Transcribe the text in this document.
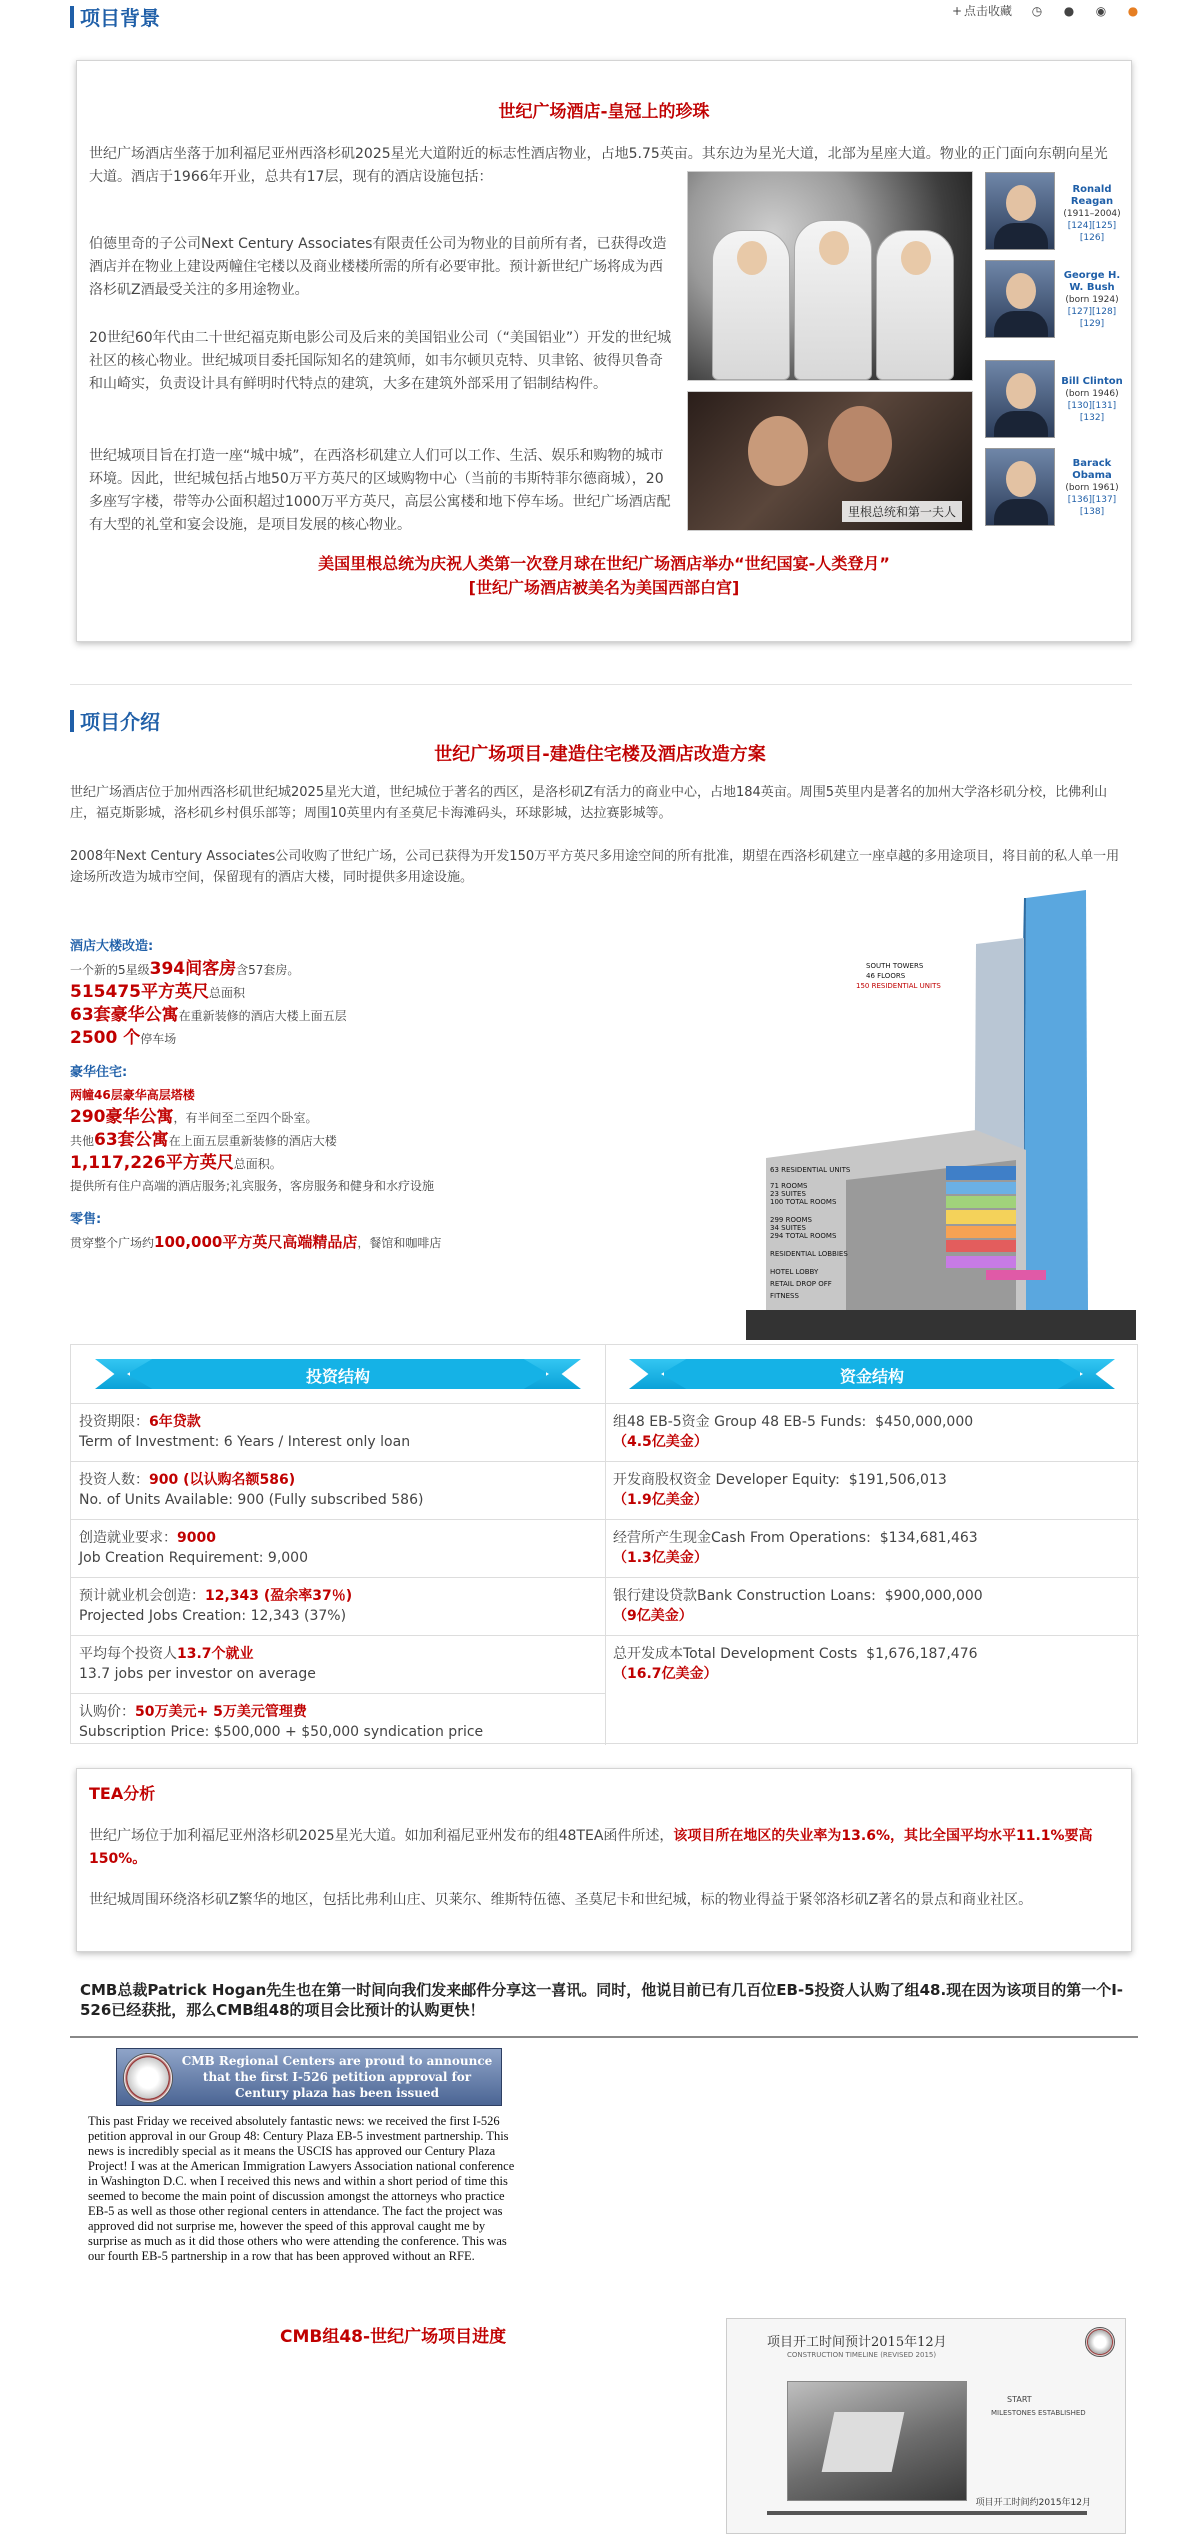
+ 点击收藏 ◷ ● ◉ ●
项目背景
世纪广场酒店-皇冠上的珍珠
世纪广场酒店坐落于加利福尼亚州西洛杉矶2025星光大道附近的标志性酒店物业，占地5.75英亩。其东边为星光大道，北部为星座大道。物业的正门面向东朝向星光大道。酒店于1966年开业，总共有17层，现有的酒店设施包括：
伯德里奇的子公司Next Century Associates有限责任公司为物业的目前所有者，已获得改造酒店并在物业上建设两幢住宅楼以及商业楼楼所需的所有必要审批。预计新世纪广场将成为西洛杉矶Z酒最受关注的多用途物业。
20世纪60年代由二十世纪福克斯电影公司及后来的美国铝业公司（“美国铝业”）开发的世纪城社区的核心物业。世纪城项目委托国际知名的建筑师，如韦尔顿贝克特、贝聿铭、彼得贝鲁奇和山崎实，负责设计具有鲜明时代特点的建筑，大多在建筑外部采用了铝制结构件。
世纪城项目旨在打造一座“城中城”，在西洛杉矶建立人们可以工作、生活、娱乐和购物的城市环境。因此，世纪城包括占地50万平方英尺的区域购物中心（当前的韦斯特菲尔德商城），20多座写字楼，带等办公面积超过1000万平方英尺，高层公寓楼和地下停车场。世纪广场酒店配有大型的礼堂和宴会设施，是项目发展的核心物业。
里根总统和第一夫人
美国里根总统为庆祝人类第一次登月球在世纪广场酒店举办“世纪国宴-人类登月”
[世纪广场酒店被美名为美国西部白宫]
Ronald
Reagan
(1911–2004)
[124][125][126]
George H.
W. Bush
(born 1924)
[127][128][129]
Bill Clinton
(born 1946)
[130][131][132]
Barack
Obama
(born 1961)
[136][137][138]
项目介绍
世纪广场项目-建造住宅楼及酒店改造方案
世纪广场酒店位于加州西洛杉矶世纪城2025星光大道，世纪城位于著名的西区，是洛杉矶Z有活力的商业中心，占地184英亩。周围5英里内是著名的加州大学洛杉矶分校，比佛利山庄，福克斯影城，洛杉矶乡村俱乐部等；周围10英里内有圣莫尼卡海滩码头，环球影城，达拉赛影城等。
2008年Next Century Associates公司收购了世纪广场，公司已获得为开发150万平方英尺多用途空间的所有批准，期望在西洛杉矶建立一座卓越的多用途项目，将目前的私人单一用途场所改造为城市空间，保留现有的酒店大楼，同时提供多用途设施。
酒店大楼改造:
一个新的5星级394间客房含57套房。
515475平方英尺总面积
63套豪华公寓在重新装修的酒店大楼上面五层
2500 个停车场
豪华住宅:
两幢46层豪华高层塔楼
290豪华公寓，有半间至二至四个卧室。
共他63套公寓在上面五层重新装修的酒店大楼
1,117,226平方英尺总面积。
提供所有住户高端的酒店服务;礼宾服务，客房服务和健身和水疗设施
零售:
贯穿整个广场约100,000平方英尺高端精品店，餐馆和咖啡店
SOUTH TOWERS
46 FLOORS
150 RESIDENTIAL UNITS
63 RESIDENTIAL UNITS
71 ROOMS
23 SUITES
100 TOTAL ROOMS
299 ROOMS
34 SUITES
294 TOTAL ROOMS
RESIDENTIAL LOBBIES
HOTEL LOBBY
RETAIL DROP OFF
FITNESS
投资结构
投资期限：6年贷款
Term of Investment: 6 Years / Interest only loan
投资人数：900 (以认购名额586)
No. of Units Available: 900 (Fully subscribed 586)
创造就业要求：9000
Job Creation Requirement: 9,000
预计就业机会创造：12,343 (盈余率37％)
Projected Jobs Creation: 12,343 (37%)
平均每个投资人13.7个就业
13.7 jobs per investor on average
认购价：50万美元+ 5万美元管理费
Subscription Price: $500,000 + $50,000 syndication price
资金结构
组48 EB-5资金 Group 48 EB-5 Funds: $450,000,000
（4.5亿美金）
开发商股权资金 Developer Equity: $191,506,013
（1.9亿美金）
经营所产生现金Cash From Operations: $134,681,463
（1.3亿美金）
银行建设贷款Bank Construction Loans: $900,000,000
（9亿美金）
总开发成本Total Development Costs $1,676,187,476
（16.7亿美金）
TEA分析
世纪广场位于加利福尼亚州洛杉矶2025星光大道。如加利福尼亚州发布的组48TEA函件所述，该项目所在地区的失业率为13.6%，其比全国平均水平11.1%要高150%。
世纪城周围环绕洛杉矶Z繁华的地区，包括比弗利山庄、贝莱尔、维斯特伍德、圣莫尼卡和世纪城，标的物业得益于紧邻洛杉矶Z著名的景点和商业社区。
CMB总裁Patrick Hogan先生也在第一时间向我们发来邮件分享这一喜讯。同时，他说目前已有几百位EB-5投资人认购了组48.现在因为该项目的第一个I-526已经获批，那么CMB组48的项目会比预计的认购更快！
CMB Regional Centers are proud to announce that the first I-526 petition approval for Century plaza has been issued
This past Friday we received absolutely fantastic news: we received the first I-526 petition approval in our Group 48: Century Plaza EB-5 investment partnership. This news is incredibly special as it means the USCIS has approved our Century Plaza Project! I was at the American Immigration Lawyers Association national conference in Washington D.C. when I received this news and within a short period of time this seemed to become the main point of discussion amongst the attorneys who practice EB-5 as well as those other regional centers in attendance. The fact the project was approved did not surprise me, however the speed of this approval caught me by surprise as much as it did those others who were attending the conference. This was our fourth EB-5 partnership in a row that has been approved without an RFE.
CMB组48-世纪广场项目进度	项目开工时间预计2015年12月
CONSTRUCTION TIMELINE (REVISED 2015)
START
MILESTONES ESTABLISHED
项目开工时间约2015年12月
